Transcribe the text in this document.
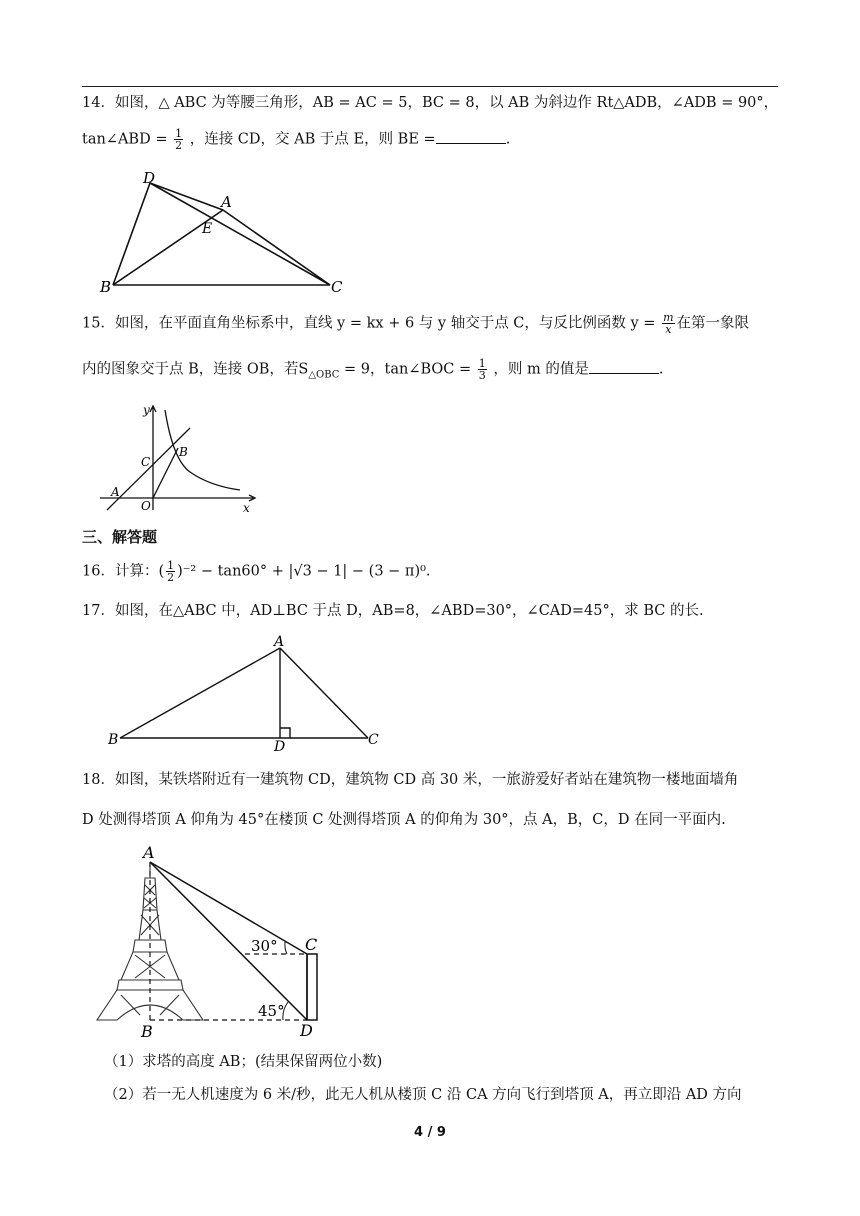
14．如图，△ ABC 为等腰三角形，AB = AC = 5，BC = 8，以 AB 为斜边作 Rt△ADB，∠ADB = 90°，
tan∠ABD = $\frac{1}{2}$ ，连接 CD，交 AB 于点 E，则 BE =	.
D
A
E
B	C
15．如图，在平面直角坐标系中，直线 y = kx + 6 与 y 轴交于点 C，与反比例函数 $y = \frac{m}{x}$ 在第一象限
内的图象交于点 B，连接 OB，若$S_{\triangle OBC} = 9$，tan∠BOC = $\frac{1}{3}$ ，则 m 的值是	.
y
x
O
A
B
C
三、解答题
16．计算：( $\frac{1}{2} )^{-2} - \tan 60^\circ + |√3 - 1| - (3 - \pi)^0$.
17．如图，在△ABC 中，AD⊥BC 于点 D，AB=8，∠ABD=30°，∠CAD=45°，求 BC 的长.
A
B	C
D
18．如图，某铁塔附近有一建筑物 CD，建筑物 CD 高 30 米，一旅游爱好者站在建筑物一楼地面墙角
D 处测得塔顶 A 仰角为 45°在楼顶 C 处测得塔顶 A 的仰角为 30°，点 A，B，C，D 在同一平面内.
A
B
C
D
30°
45°
（1）求塔的高度 AB；(结果保留两位小数)
（2）若一无人机速度为 6 米/秒，此无人机从楼顶 C 沿 CA 方向飞行到塔顶 A，再立即沿 AD 方向
4 / 9
